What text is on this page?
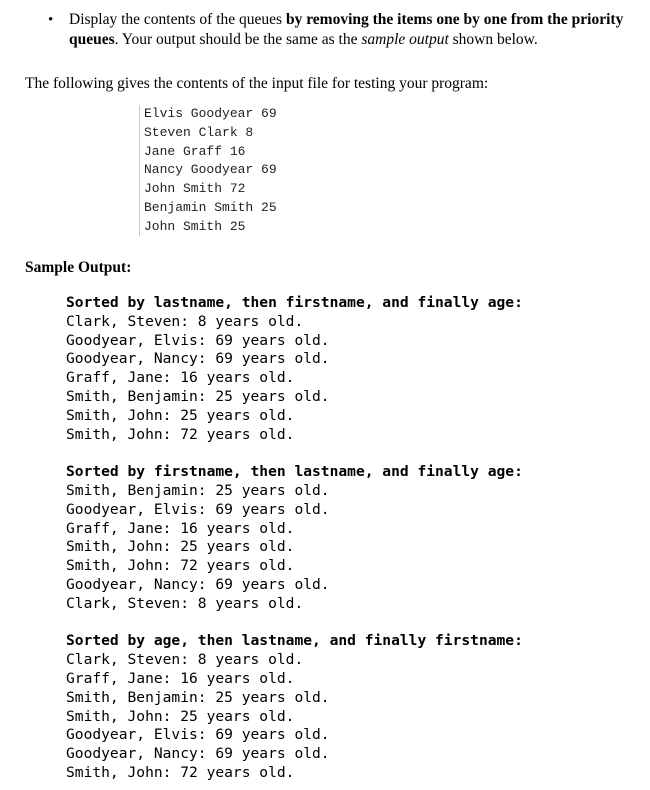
• Display the contents of the queues by removing the items one by one from the priority queues. Your output should be the same as the sample output shown below.
The following gives the contents of the input file for testing your program:
Elvis Goodyear 69
Steven Clark 8
Jane Graff 16
Nancy Goodyear 69
John Smith 72
Benjamin Smith 25
John Smith 25
Sample Output:
Sorted by lastname, then firstname, and finally age:
Clark, Steven: 8 years old.
Goodyear, Elvis: 69 years old.
Goodyear, Nancy: 69 years old.
Graff, Jane: 16 years old.
Smith, Benjamin: 25 years old.
Smith, John: 25 years old.
Smith, John: 72 years old.
Sorted by firstname, then lastname, and finally age:
Smith, Benjamin: 25 years old.
Goodyear, Elvis: 69 years old.
Graff, Jane: 16 years old.
Smith, John: 25 years old.
Smith, John: 72 years old.
Goodyear, Nancy: 69 years old.
Clark, Steven: 8 years old.
Sorted by age, then lastname, and finally firstname:
Clark, Steven: 8 years old.
Graff, Jane: 16 years old.
Smith, Benjamin: 25 years old.
Smith, John: 25 years old.
Goodyear, Elvis: 69 years old.
Goodyear, Nancy: 69 years old.
Smith, John: 72 years old.
